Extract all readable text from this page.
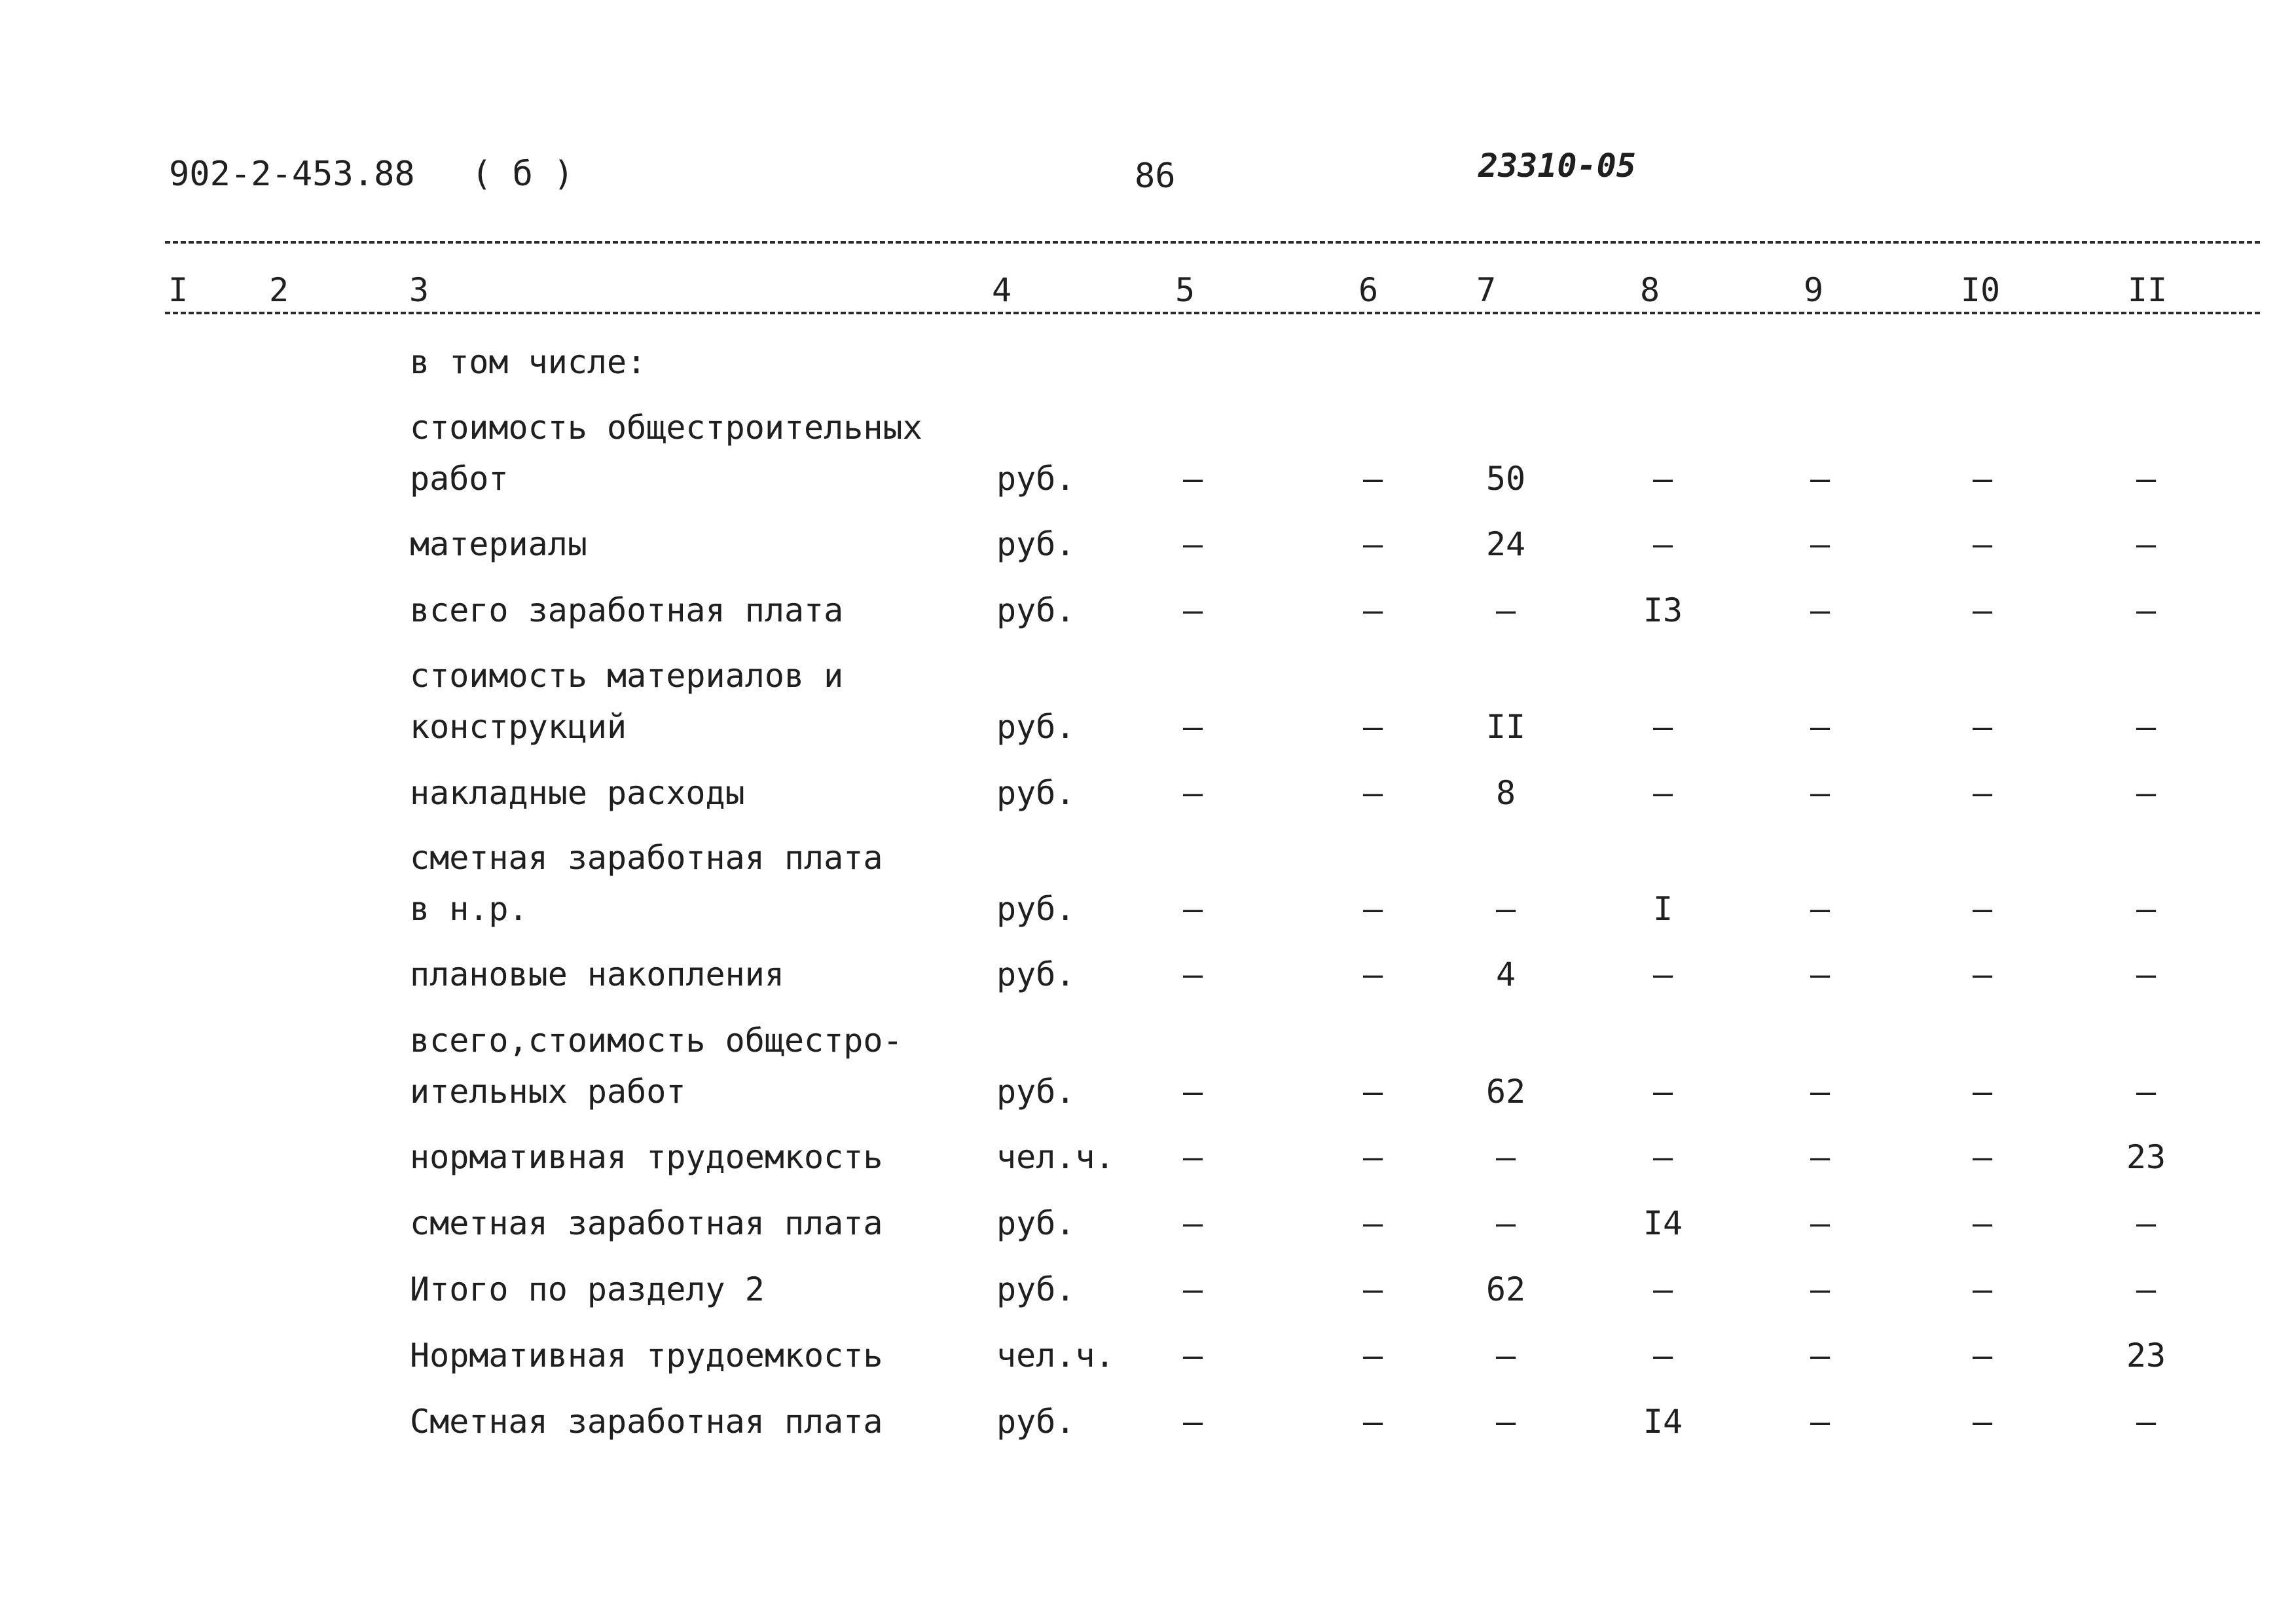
902-2-453.88 ( б )	86	23310-05
I 2	3	4	5	6	7	8	9	I0	II
в том числе:
стоимость общестроительных
работ	руб.	–	–	50	–	–	–	–
материалы	руб.	–	–	24	–	–	–	–
всего заработная плата	руб.	–	–	–	I3	–	–	–
стоимость материалов и
конструкций	руб.	–	–	II	–	–	–	–
накладные расходы	руб.	–	–	8	–	–	–	–
сметная заработная плата
в н.р.	руб.	–	–	–	I	–	–	–
плановые накопления	руб.	–	–	4	–	–	–	–
всего,стоимость общестро-
ительных работ	руб.	–	–	62	–	–	–	–
нормативная трудоемкость	чел.ч. –	–	–	–	–	–	23
сметная заработная плата	руб.	–	–	–	I4	–	–	–
Итого по разделу 2	руб.	–	–	62	–	–	–	–
Нормативная трудоемкость	чел.ч. –	–	–	–	–	–	23
Сметная заработная плата	руб.	–	–	–	I4	–	–	–
